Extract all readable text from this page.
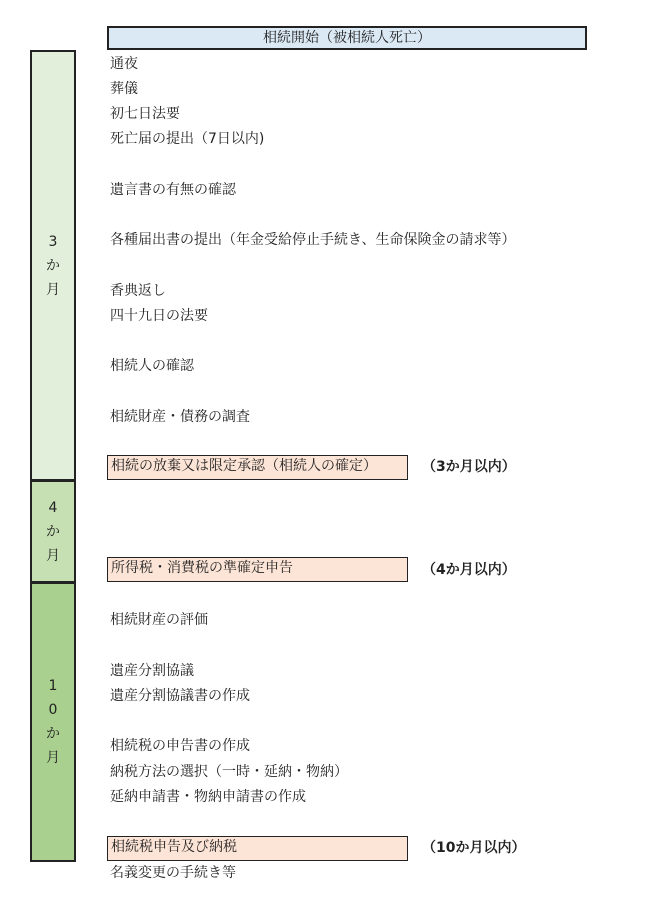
相続開始（被相続人死亡）
3
か
月
4
か
月
1
0
か
月
通夜
葬儀
初七日法要
死亡届の提出（7日以内)
遺言書の有無の確認
各種届出書の提出（年金受給停止手続き、生命保険金の請求等）
香典返し
四十九日の法要
相続人の確認
相続財産・債務の調査
相続の放棄又は限定承認（相続人の確定）	（3か月以内）
所得税・消費税の準確定申告	（4か月以内）
相続財産の評価
遺産分割協議
遺産分割協議書の作成
相続税の申告書の作成
納税方法の選択（一時・延納・物納）
延納申請書・物納申請書の作成
相続税申告及び納税	（10か月以内）
名義変更の手続き等
